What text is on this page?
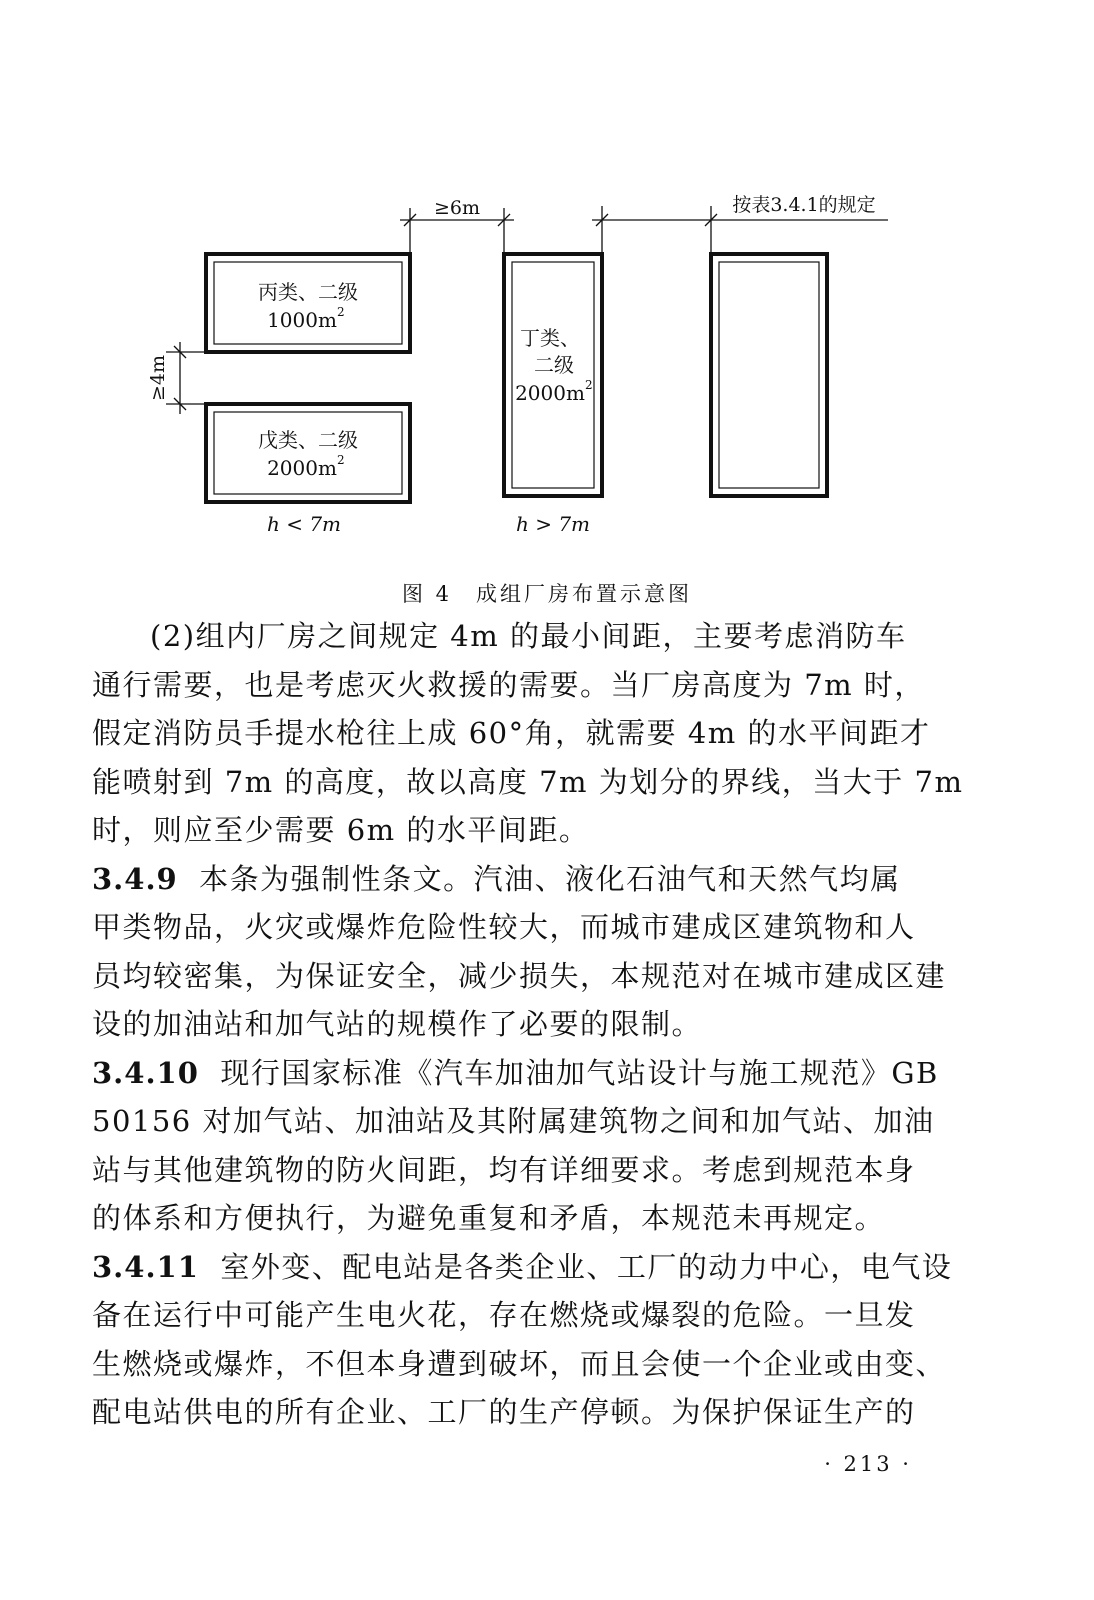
≥6m	按表3.4.1的规定
≥4m
丙类、二级
1000m 2
戊类、二级
2000m 2
丁类、
二级
2000m 2
h < 7m	h > 7m
图 4　成组厂房布置示意图
(2)组内厂房之间规定 4m 的最小间距，主要考虑消防车
通行需要，也是考虑灭火救援的需要。当厂房高度为 7m 时，
假定消防员手提水枪往上成 60°角，就需要 4m 的水平间距才
能喷射到 7m 的高度，故以高度 7m 为划分的界线，当大于 7m
时，则应至少需要 6m 的水平间距。
3.4.9 本条为强制性条文。汽油、液化石油气和天然气均属
甲类物品，火灾或爆炸危险性较大，而城市建成区建筑物和人
员均较密集，为保证安全，减少损失，本规范对在城市建成区建
设的加油站和加气站的规模作了必要的限制。
3.4.10 现行国家标准《汽车加油加气站设计与施工规范》GB
50156 对加气站、加油站及其附属建筑物之间和加气站、加油
站与其他建筑物的防火间距，均有详细要求。考虑到规范本身
的体系和方便执行，为避免重复和矛盾，本规范未再规定。
3.4.11 室外变、配电站是各类企业、工厂的动力中心，电气设
备在运行中可能产生电火花，存在燃烧或爆裂的危险。一旦发
生燃烧或爆炸，不但本身遭到破坏，而且会使一个企业或由变、
配电站供电的所有企业、工厂的生产停顿。为保护保证生产的
· 213 ·
